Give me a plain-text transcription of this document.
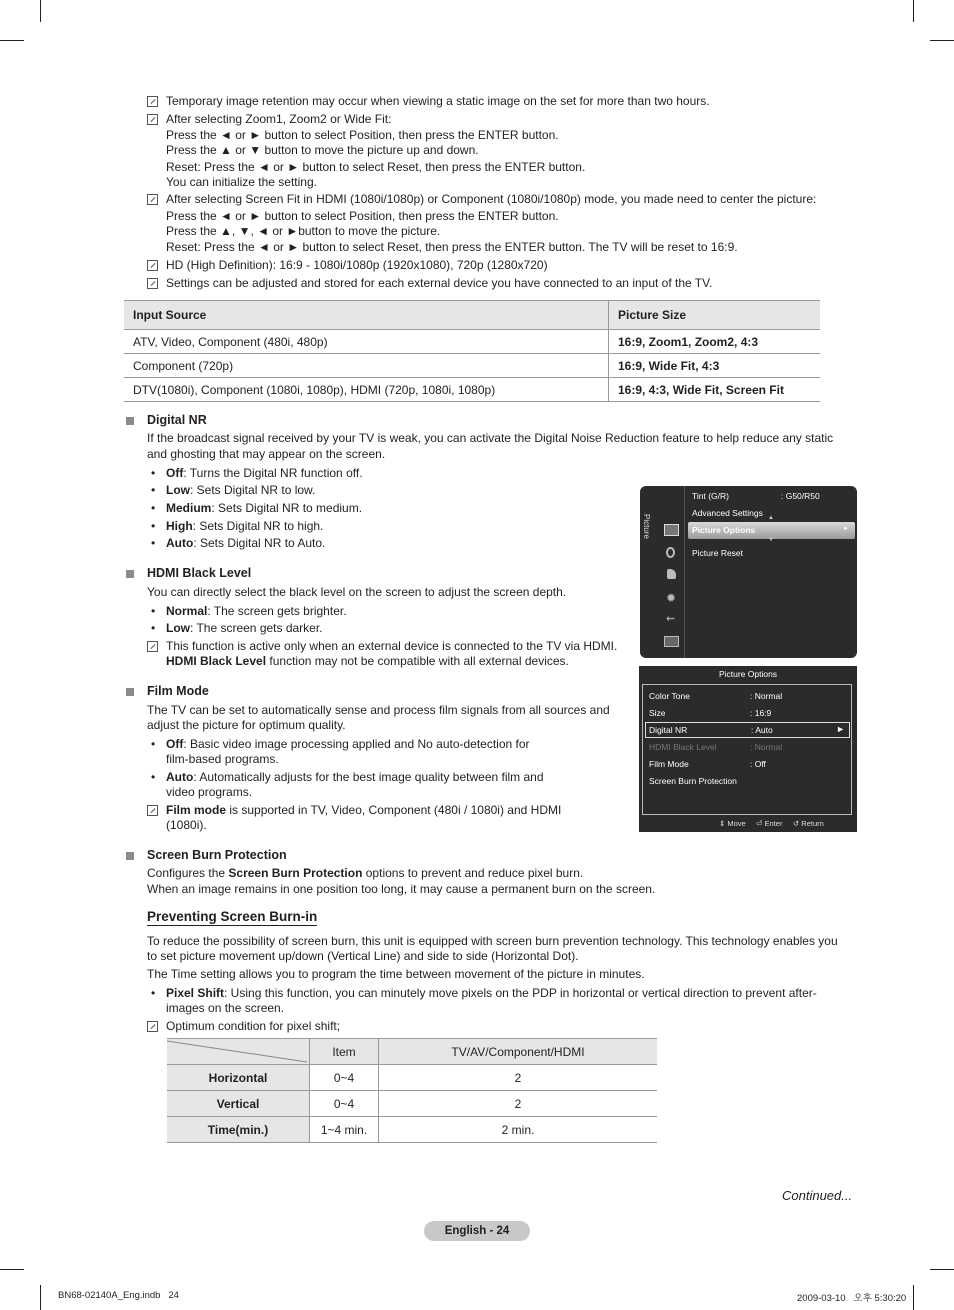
Temporary image retention may occur when viewing a static image on the set for more than two hours.
After selecting Zoom1, Zoom2 or Wide Fit:
Press the ◄ or ► button to select Position, then press the ENTER button.
Press the ▲ or ▼ button to move the picture up and down.
Reset: Press the ◄ or ► button to select Reset, then press the ENTER button.
You can initialize the setting.
After selecting Screen Fit in HDMI (1080i/1080p) or Component (1080i/1080p) mode, you made need to center the picture:
Press the ◄ or ► button to select Position, then press the ENTER button.
Press the ▲, ▼, ◄ or ►button to move the picture.
Reset: Press the ◄ or ► button to select Reset, then press the ENTER button. The TV will be reset to 16:9.
HD (High Definition): 16:9 - 1080i/1080p (1920x1080), 720p (1280x720)
Settings can be adjusted and stored for each external device you have connected to an input of the TV.
Input Source	Picture Size
ATV, Video, Component (480i, 480p)	16:9, Zoom1, Zoom2, 4:3
Component (720p)	16:9, Wide Fit, 4:3
DTV(1080i), Component (1080i, 1080p), HDMI (720p, 1080i, 1080p)	16:9, 4:3, Wide Fit, Screen Fit
Digital NR
If the broadcast signal received by your TV is weak, you can activate the Digital Noise Reduction feature to help reduce any static
and ghosting that may appear on the screen.
• Off: Turns the Digital NR function off.
• Low: Sets Digital NR to low.
• Medium: Sets Digital NR to medium.
• High: Sets Digital NR to high.
• Auto: Sets Digital NR to Auto.
HDMI Black Level
You can directly select the black level on the screen to adjust the screen depth.
• Normal: The screen gets brighter.
• Low: The screen gets darker.
This function is active only when an external device is connected to the TV via HDMI.
HDMI Black Level function may not be compatible with all external devices.
Film Mode
The TV can be set to automatically sense and process film signals from all sources and
adjust the picture for optimum quality.
• Off: Basic video image processing applied and No auto-detection for
film-based programs.
• Auto: Automatically adjusts for the best image quality between film and
video programs.
Film mode is supported in TV, Video, Component (480i / 1080i) and HDMI
(1080i).
Screen Burn Protection
Configures the Screen Burn Protection options to prevent and reduce pixel burn.
When an image remains in one position too long, it may cause a permanent burn on the screen.
Preventing Screen Burn-in
To reduce the possibility of screen burn, this unit is equipped with screen burn prevention technology. This technology enables you
to set picture movement up/down (Vertical Line) and side to side (Horizontal Dot).
The Time setting allows you to program the time between movement of the picture in minutes.
• Pixel Shift: Using this function, you can minutely move pixels on the PDP in horizontal or vertical direction to prevent after-
images on the screen.
Optimum condition for pixel shift;
	Item	TV/AV/Component/HDMI
Horizontal	0~4	2
Vertical	0~4	2
Time(min.)	1~4 min.	2 min.
Picture
✹
⇜
Tint (G/R)	: G50/R50
Advanced Settings ▲
Picture Options	►
▼
Picture Reset
Picture Options
Color Tone	: Normal
Size	: 16:9
Digital NR	: Auto	►
HDMI Black Level	: Normal
Film Mode	: Off
Screen Burn Protection
⇕ Move ⏎ Enter ↺ Return
Continued...
English - 24
BN68-02140A_Eng.indb   24	2009-03-10   오후 5:30:20
